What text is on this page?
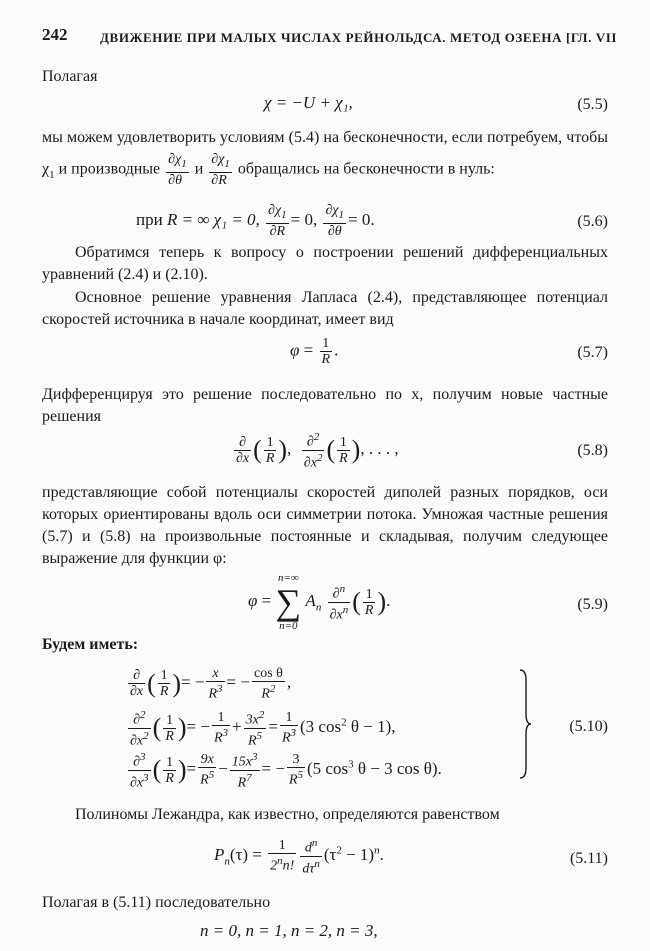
242	ДВИЖЕНИЕ ПРИ МАЛЫХ ЧИСЛАХ РЕЙНОЛЬДСА. МЕТОД ОЗЕЕНА [ГЛ. VII
Полагая
χ = −U + χ₁,	(5.5)
мы можем удовлетворить условиям (5.4) на бесконечности, если потребуем, чтобы $\chi_1$ и производные $\frac{\partial\chi_1}{\partial\theta}$ и $\frac{\partial\chi_1}{\partial R}$ обращались на бесконечности в нуль:
при R = ∞ χ₁ = 0, $\frac{\partial\chi_1}{\partial R} = 0$, $\frac{\partial\chi_1}{\partial\theta} = 0$.	(5.6)
Обратимся теперь к вопросу о построении решений дифференциальных уравнений (2.4) и (2.10).
Основное решение уравнения Лапласа (2.4), представляющее потенциал скоростей источника в начале координат, имеет вид
$\varphi = \frac{1}{R}$ .	(5.7)
Дифференцируя это решение последовательно по x, получим новые частные решения
$\frac{\partial}{\partial x}$ ( $\frac{1}{R}$ ), $\frac{\partial^2}{\partial x^2}$ ( $\frac{1}{R}$ ), . . . ,	(5.8)
представляющие собой потенциалы скоростей диполей разных порядков, оси которых ориентированы вдоль оси симметрии потока. Умножая частные решения (5.7) и (5.8) на произвольные постоянные и складывая, получим следующее выражение для функции φ:
φ = n=∞
∑
n=0 $A_n \frac{\partial^n}{\partial x^n}$ ( $\frac{1}{R}$ ).	(5.9)
Будем иметь:
$\frac{\partial}{\partial x}$ ( $\frac{1}{R}$ )= − $\frac{x}{R^3}$ = − $\frac{\text{cos θ}}{R^2}$ ,
$\frac{\partial^2}{\partial x^2}$ ( $\frac{1}{R}$ )= − $\frac{1}{R^3} + \frac{3x^2}{R^5} = \frac{1}{R^3} (3$ $\cos^2 \theta - 1$),
$\frac{\partial^3}{\partial x^3}$ ( $\frac{1}{R}$ )= $\frac{9x}{R^5} - \frac{15x^3}{R^7}$ = − $\frac{3}{R^5} (5$ $\cos^3 \theta - 3$ cos θ).
(5.10)
Полиномы Лежандра, как известно, определяются равенством
$P_n(\tau) = \frac{1}{2^nn!} \frac{d^n}{d\tau^n} (\tau^2 - 1)^n$.	(5.11)
Полагая в (5.11) последовательно
n = 0, n = 1, n = 2, n = 3,
